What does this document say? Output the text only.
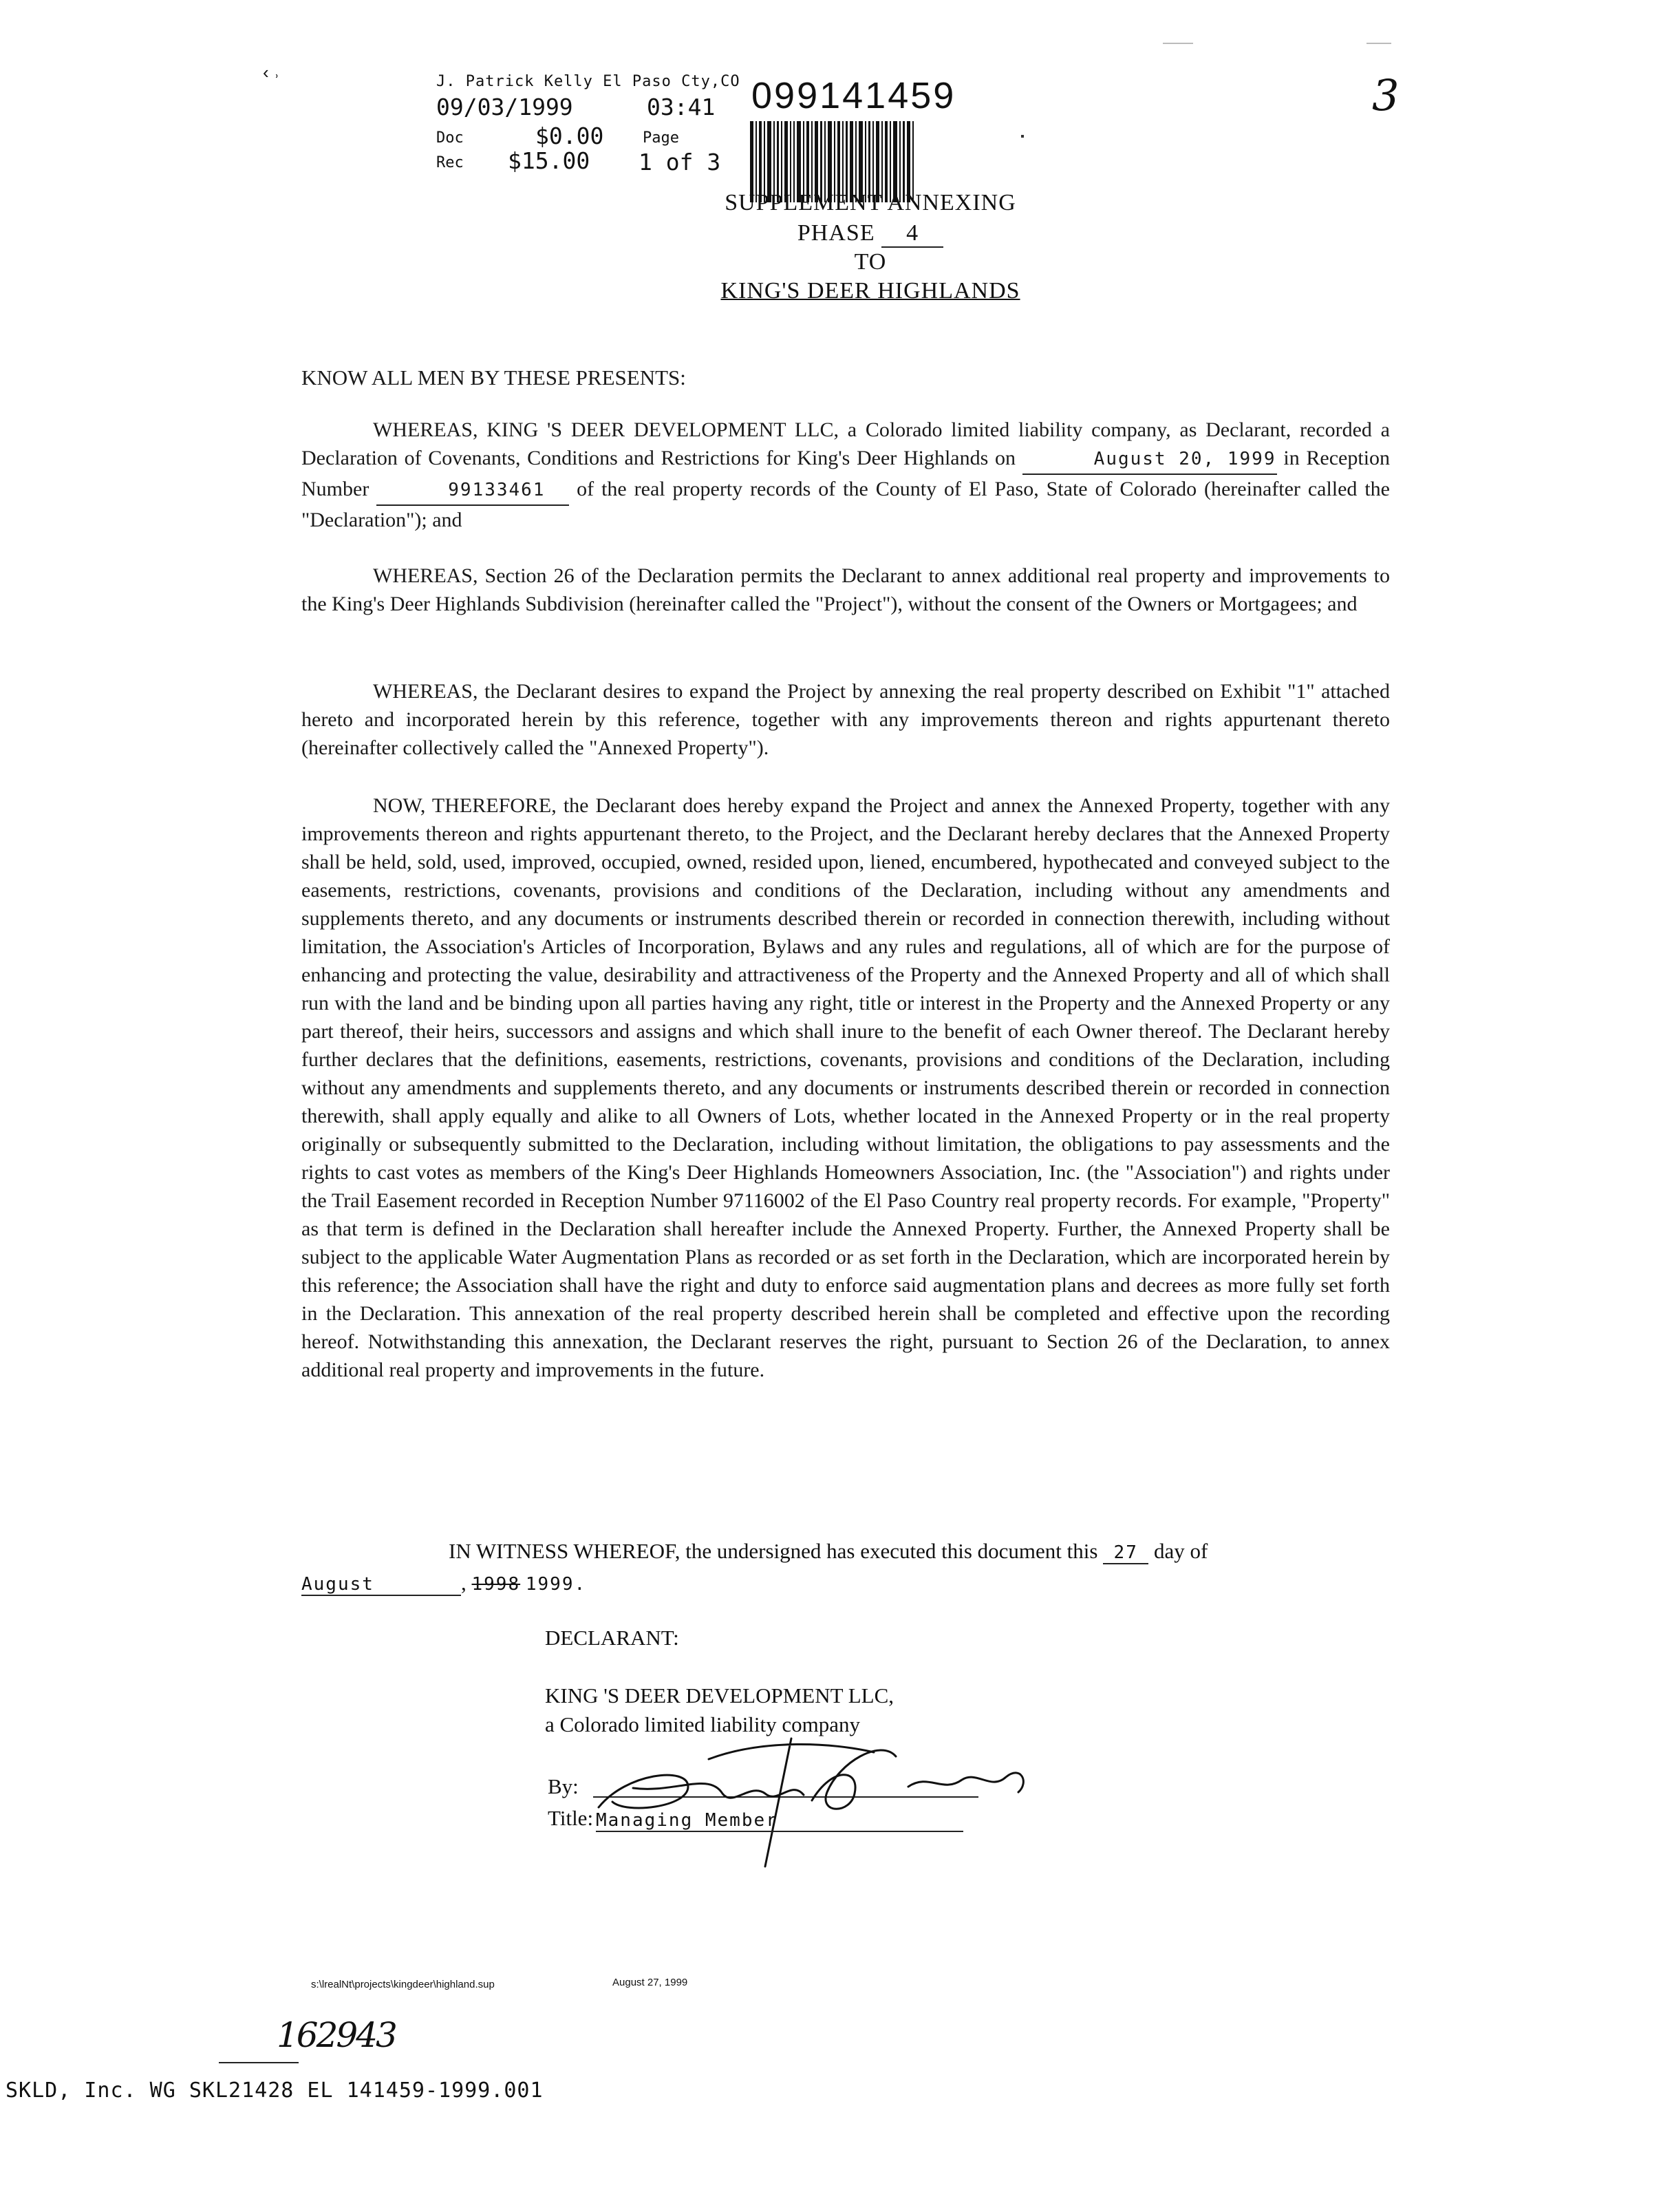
‹ ˒	3
J. Patrick Kelly El Paso Cty,CO
09/03/1999	03:41 099141459
Doc	$0.00	Page
Rec $15.00 1 of 3
SUPPLEMENT ANNEXING
PHASE 4
TO
KING'S DEER HIGHLANDS
KNOW ALL MEN BY THESE PRESENTS:
WHEREAS, KING 'S DEER DEVELOPMENT LLC, a Colorado limited liability company, as Declarant, recorded a Declaration of Covenants, Conditions and Restrictions for King's Deer Highlands on	August 20, 1999 in Reception Number	99133461 of the real property records of the County of El Paso, State of Colorado (hereinafter called the "Declaration"); and
WHEREAS, Section 26 of the Declaration permits the Declarant to annex additional real property and improvements to the King's Deer Highlands Subdivision (hereinafter called the "Project"), without the consent of the Owners or Mortgagees; and
WHEREAS, the Declarant desires to expand the Project by annexing the real property described on Exhibit "1" attached hereto and incorporated herein by this reference, together with any improvements thereon and rights appurtenant thereto (hereinafter collectively called the "Annexed Property").
NOW, THEREFORE, the Declarant does hereby expand the Project and annex the Annexed Property, together with any improvements thereon and rights appurtenant thereto, to the Project, and the Declarant hereby declares that the Annexed Property shall be held, sold, used, improved, occupied, owned, resided upon, liened, encumbered, hypothecated and conveyed subject to the easements, restrictions, covenants, provisions and conditions of the Declaration, including without any amendments and supplements thereto, and any documents or instruments described therein or recorded in connection therewith, including without limitation, the Association's Articles of Incorporation, Bylaws and any rules and regulations, all of which are for the purpose of enhancing and protecting the value, desirability and attractiveness of the Property and the Annexed Property and all of which shall run with the land and be binding upon all parties having any right, title or interest in the Property and the Annexed Property or any part thereof, their heirs, successors and assigns and which shall inure to the benefit of each Owner thereof. The Declarant hereby further declares that the definitions, easements, restrictions, covenants, provisions and conditions of the Declaration, including without any amendments and supplements thereto, and any documents or instruments described therein or recorded in connection therewith, shall apply equally and alike to all Owners of Lots, whether located in the Annexed Property or in the real property originally or subsequently submitted to the Declaration, including without limitation, the obligations to pay assessments and the rights to cast votes as members of the King's Deer Highlands Homeowners Association, Inc. (the "Association") and rights under the Trail Easement recorded in Reception Number 97116002 of the El Paso Country real property records. For example, "Property" as that term is defined in the Declaration shall hereafter include the Annexed Property. Further, the Annexed Property shall be subject to the applicable Water Augmentation Plans as recorded or as set forth in the Declaration, which are incorporated herein by this reference; the Association shall have the right and duty to enforce said augmentation plans and decrees as more fully set forth in the Declaration. This annexation of the real property described herein shall be completed and effective upon the recording hereof. Notwithstanding this annexation, the Declarant reserves the right, pursuant to Section 26 of the Declaration, to annex additional real property and improvements in the future.
IN WITNESS WHEREOF, the undersigned has executed this document this 27 day of
August	, 1998 1999.
DECLARANT:
KING 'S DEER DEVELOPMENT LLC,
a Colorado limited liability company
By:
Title: Managing Member
s:\lrealNt\projects\kingdeer\highland.sup	August 27, 1999
162943
SKLD, Inc. WG SKL21428 EL 141459-1999.001
